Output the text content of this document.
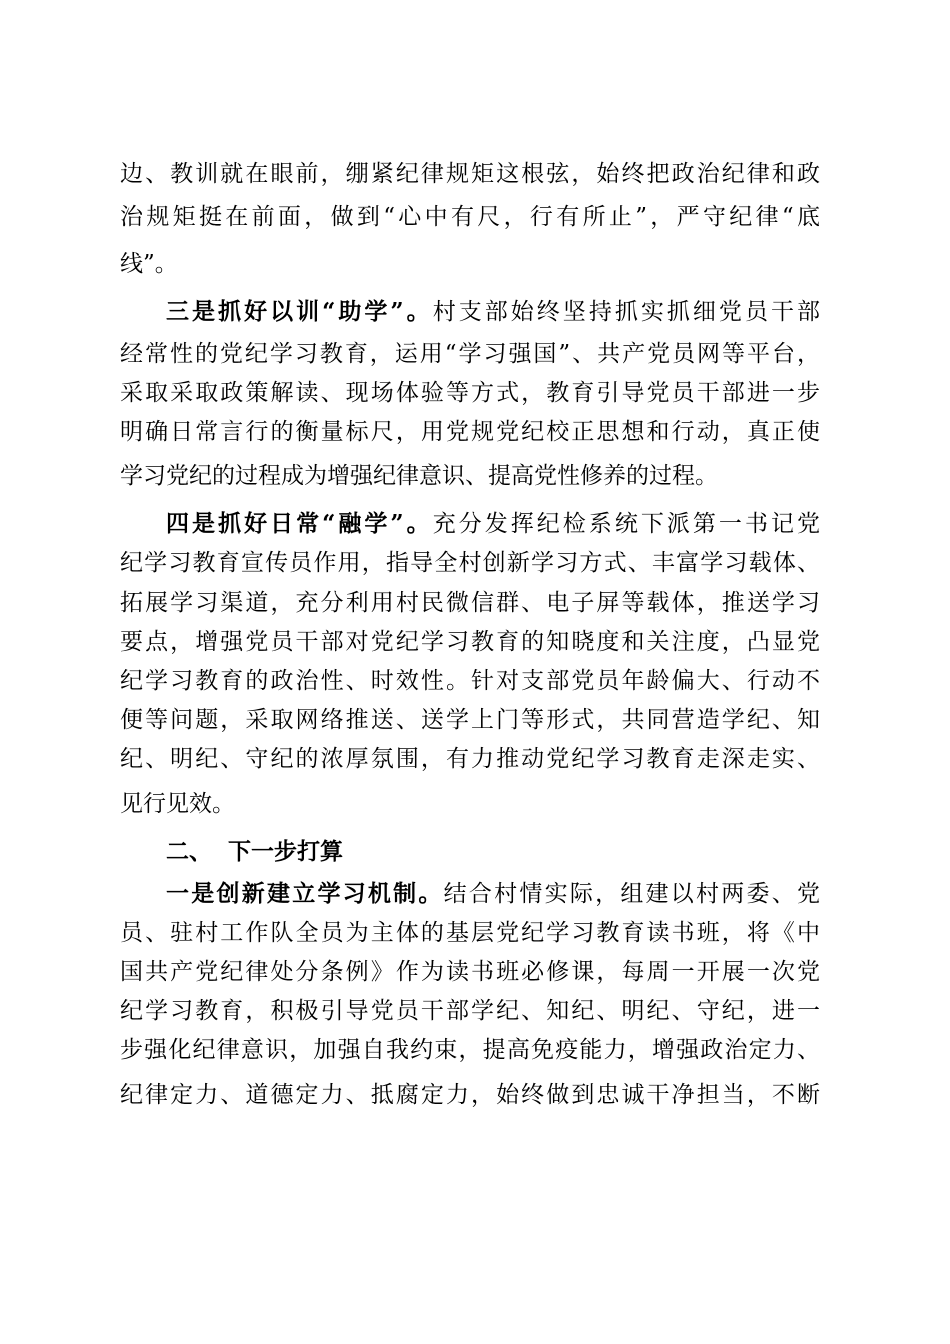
边、教训就在眼前，绷紧纪律规矩这根弦，始终把政治纪律和政
治规矩挺在前面，做到“心中有尺，行有所止”，严守纪律“底
线”。
三是抓好以训“助学”。村支部始终坚持抓实抓细党员干部
经常性的党纪学习教育，运用“学习强国”、共产党员网等平台，
采取采取政策解读、现场体验等方式，教育引导党员干部进一步
明确日常言行的衡量标尺，用党规党纪校正思想和行动，真正使
学习党纪的过程成为增强纪律意识、提高党性修养的过程。
四是抓好日常“融学”。充分发挥纪检系统下派第一书记党
纪学习教育宣传员作用，指导全村创新学习方式、丰富学习载体、
拓展学习渠道，充分利用村民微信群、电子屏等载体，推送学习
要点，增强党员干部对党纪学习教育的知晓度和关注度，凸显党
纪学习教育的政治性、时效性。针对支部党员年龄偏大、行动不
便等问题，采取网络推送、送学上门等形式，共同营造学纪、知
纪、明纪、守纪的浓厚氛围，有力推动党纪学习教育走深走实、
见行见效。
二、  下一步打算
一是创新建立学习机制。结合村情实际，组建以村两委、党
员、驻村工作队全员为主体的基层党纪学习教育读书班，将《中
国共产党纪律处分条例》作为读书班必修课，每周一开展一次党
纪学习教育，积极引导党员干部学纪、知纪、明纪、守纪，进一
步强化纪律意识，加强自我约束，提高免疫能力，增强政治定力、
纪律定力、道德定力、抵腐定力，始终做到忠诚干净担当，不断
